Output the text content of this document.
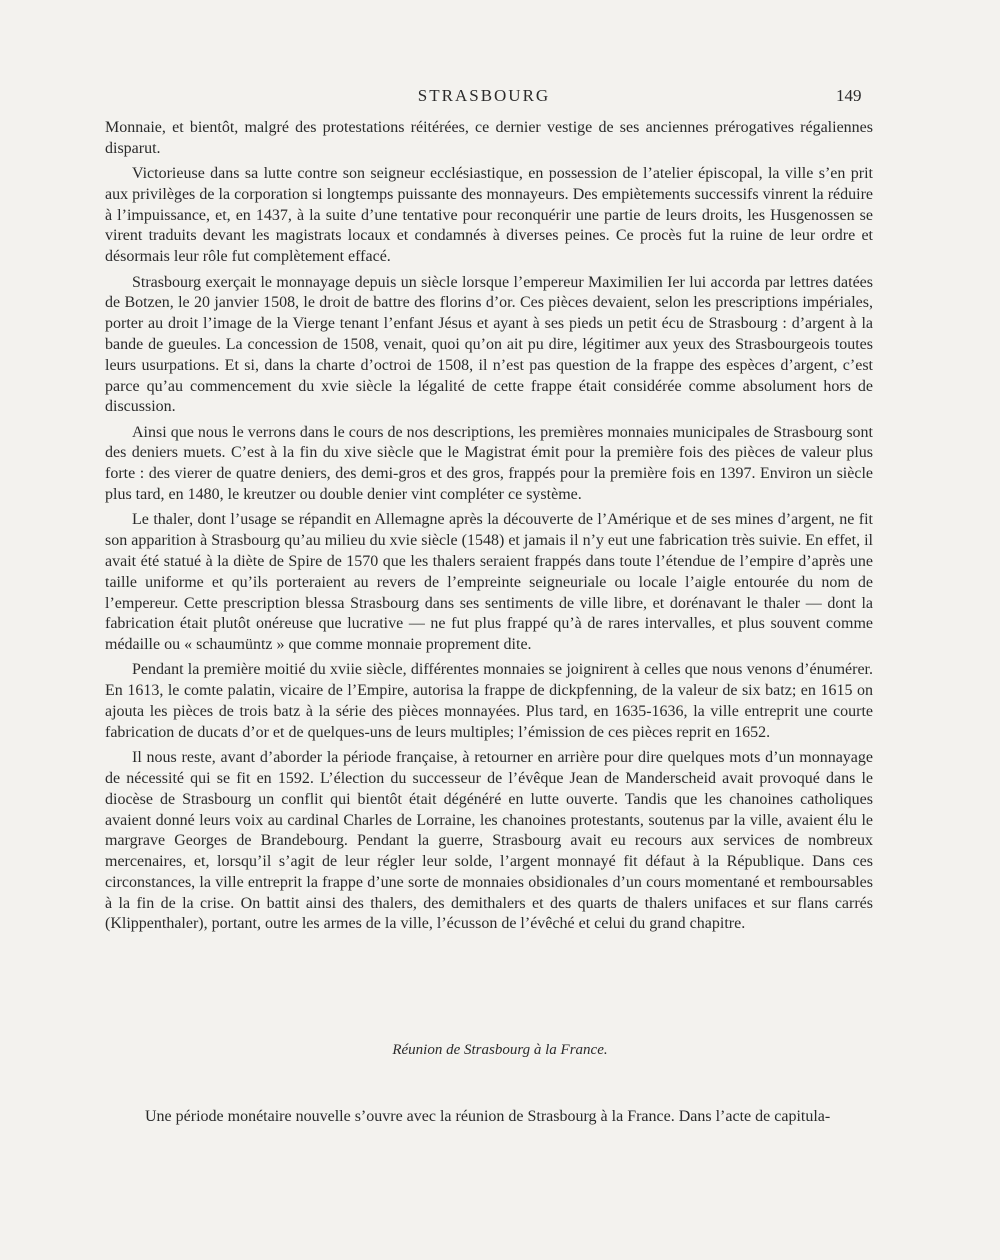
STRASBOURG	149

Monnaie, et bientôt, malgré des protestations réitérées, ce dernier vestige de ses anciennes prérogatives régaliennes disparut.

Victorieuse dans sa lutte contre son seigneur ecclésiastique, en possession de l’atelier épiscopal, la ville s’en prit aux privilèges de la corporation si longtemps puissante des monnayeurs. Des empiètements successifs vinrent la réduire à l’impuissance, et, en 1437, à la suite d’une tentative pour reconquérir une partie de leurs droits, les Husgenossen se virent traduits devant les magistrats locaux et condamnés à diverses peines. Ce procès fut la ruine de leur ordre et désormais leur rôle fut complètement effacé.

Strasbourg exerçait le monnayage depuis un siècle lorsque l’empereur Maximilien Ier lui accorda par lettres datées de Botzen, le 20 janvier 1508, le droit de battre des florins d’or. Ces pièces devaient, selon les prescriptions impériales, porter au droit l’image de la Vierge tenant l’enfant Jésus et ayant à ses pieds un petit écu de Strasbourg : d’argent à la bande de gueules. La concession de 1508, venait, quoi qu’on ait pu dire, légitimer aux yeux des Strasbourgeois toutes leurs usurpations. Et si, dans la charte d’octroi de 1508, il n’est pas question de la frappe des espèces d’argent, c’est parce qu’au commencement du xvie siècle la légalité de cette frappe était considérée comme absolument hors de discussion.

Ainsi que nous le verrons dans le cours de nos descriptions, les premières monnaies municipales de Strasbourg sont des deniers muets. C’est à la fin du xive siècle que le Magistrat émit pour la première fois des pièces de valeur plus forte : des vierer de quatre deniers, des demi-gros et des gros, frappés pour la première fois en 1397. Environ un siècle plus tard, en 1480, le kreutzer ou double denier vint compléter ce système.

Le thaler, dont l’usage se répandit en Allemagne après la découverte de l’Amérique et de ses mines d’argent, ne fit son apparition à Strasbourg qu’au milieu du xvie siècle (1548) et jamais il n’y eut une fabrication très suivie. En effet, il avait été statué à la diète de Spire de 1570 que les thalers seraient frappés dans toute l’étendue de l’empire d’après une taille uniforme et qu’ils porteraient au revers de l’empreinte seigneuriale ou locale l’aigle entourée du nom de l’empereur. Cette prescription blessa Strasbourg dans ses sentiments de ville libre, et dorénavant le thaler — dont la fabrication était plutôt onéreuse que lucrative — ne fut plus frappé qu’à de rares intervalles, et plus souvent comme médaille ou « schaumüntz » que comme monnaie proprement dite.

Pendant la première moitié du xviie siècle, différentes monnaies se joignirent à celles que nous venons d’énumérer. En 1613, le comte palatin, vicaire de l’Empire, autorisa la frappe de dickpfenning, de la valeur de six batz; en 1615 on ajouta les pièces de trois batz à la série des pièces monnayées. Plus tard, en 1635-1636, la ville entreprit une courte fabrication de ducats d’or et de quelques-uns de leurs multiples; l’émission de ces pièces reprit en 1652.

Il nous reste, avant d’aborder la période française, à retourner en arrière pour dire quelques mots d’un monnayage de nécessité qui se fit en 1592. L’élection du successeur de l’évêque Jean de Manderscheid avait provoqué dans le diocèse de Strasbourg un conflit qui bientôt était dégénéré en lutte ouverte. Tandis que les chanoines catholiques avaient donné leurs voix au cardinal Charles de Lorraine, les chanoines protestants, soutenus par la ville, avaient élu le margrave Georges de Brandebourg. Pendant la guerre, Strasbourg avait eu recours aux services de nombreux mercenaires, et, lorsqu’il s’agit de leur régler leur solde, l’argent monnayé fit défaut à la République. Dans ces circonstances, la ville entreprit la frappe d’une sorte de monnaies obsidionales d’un cours momentané et remboursables à la fin de la crise. On battit ainsi des thalers, des demithalers et des quarts de thalers unifaces et sur flans carrés (Klippenthaler), portant, outre les armes de la ville, l’écusson de l’évêché et celui du grand chapitre.

Réunion de Strasbourg à la France.
Une période monétaire nouvelle s’ouvre avec la réunion de Strasbourg à la France. Dans l’acte de capitula-
